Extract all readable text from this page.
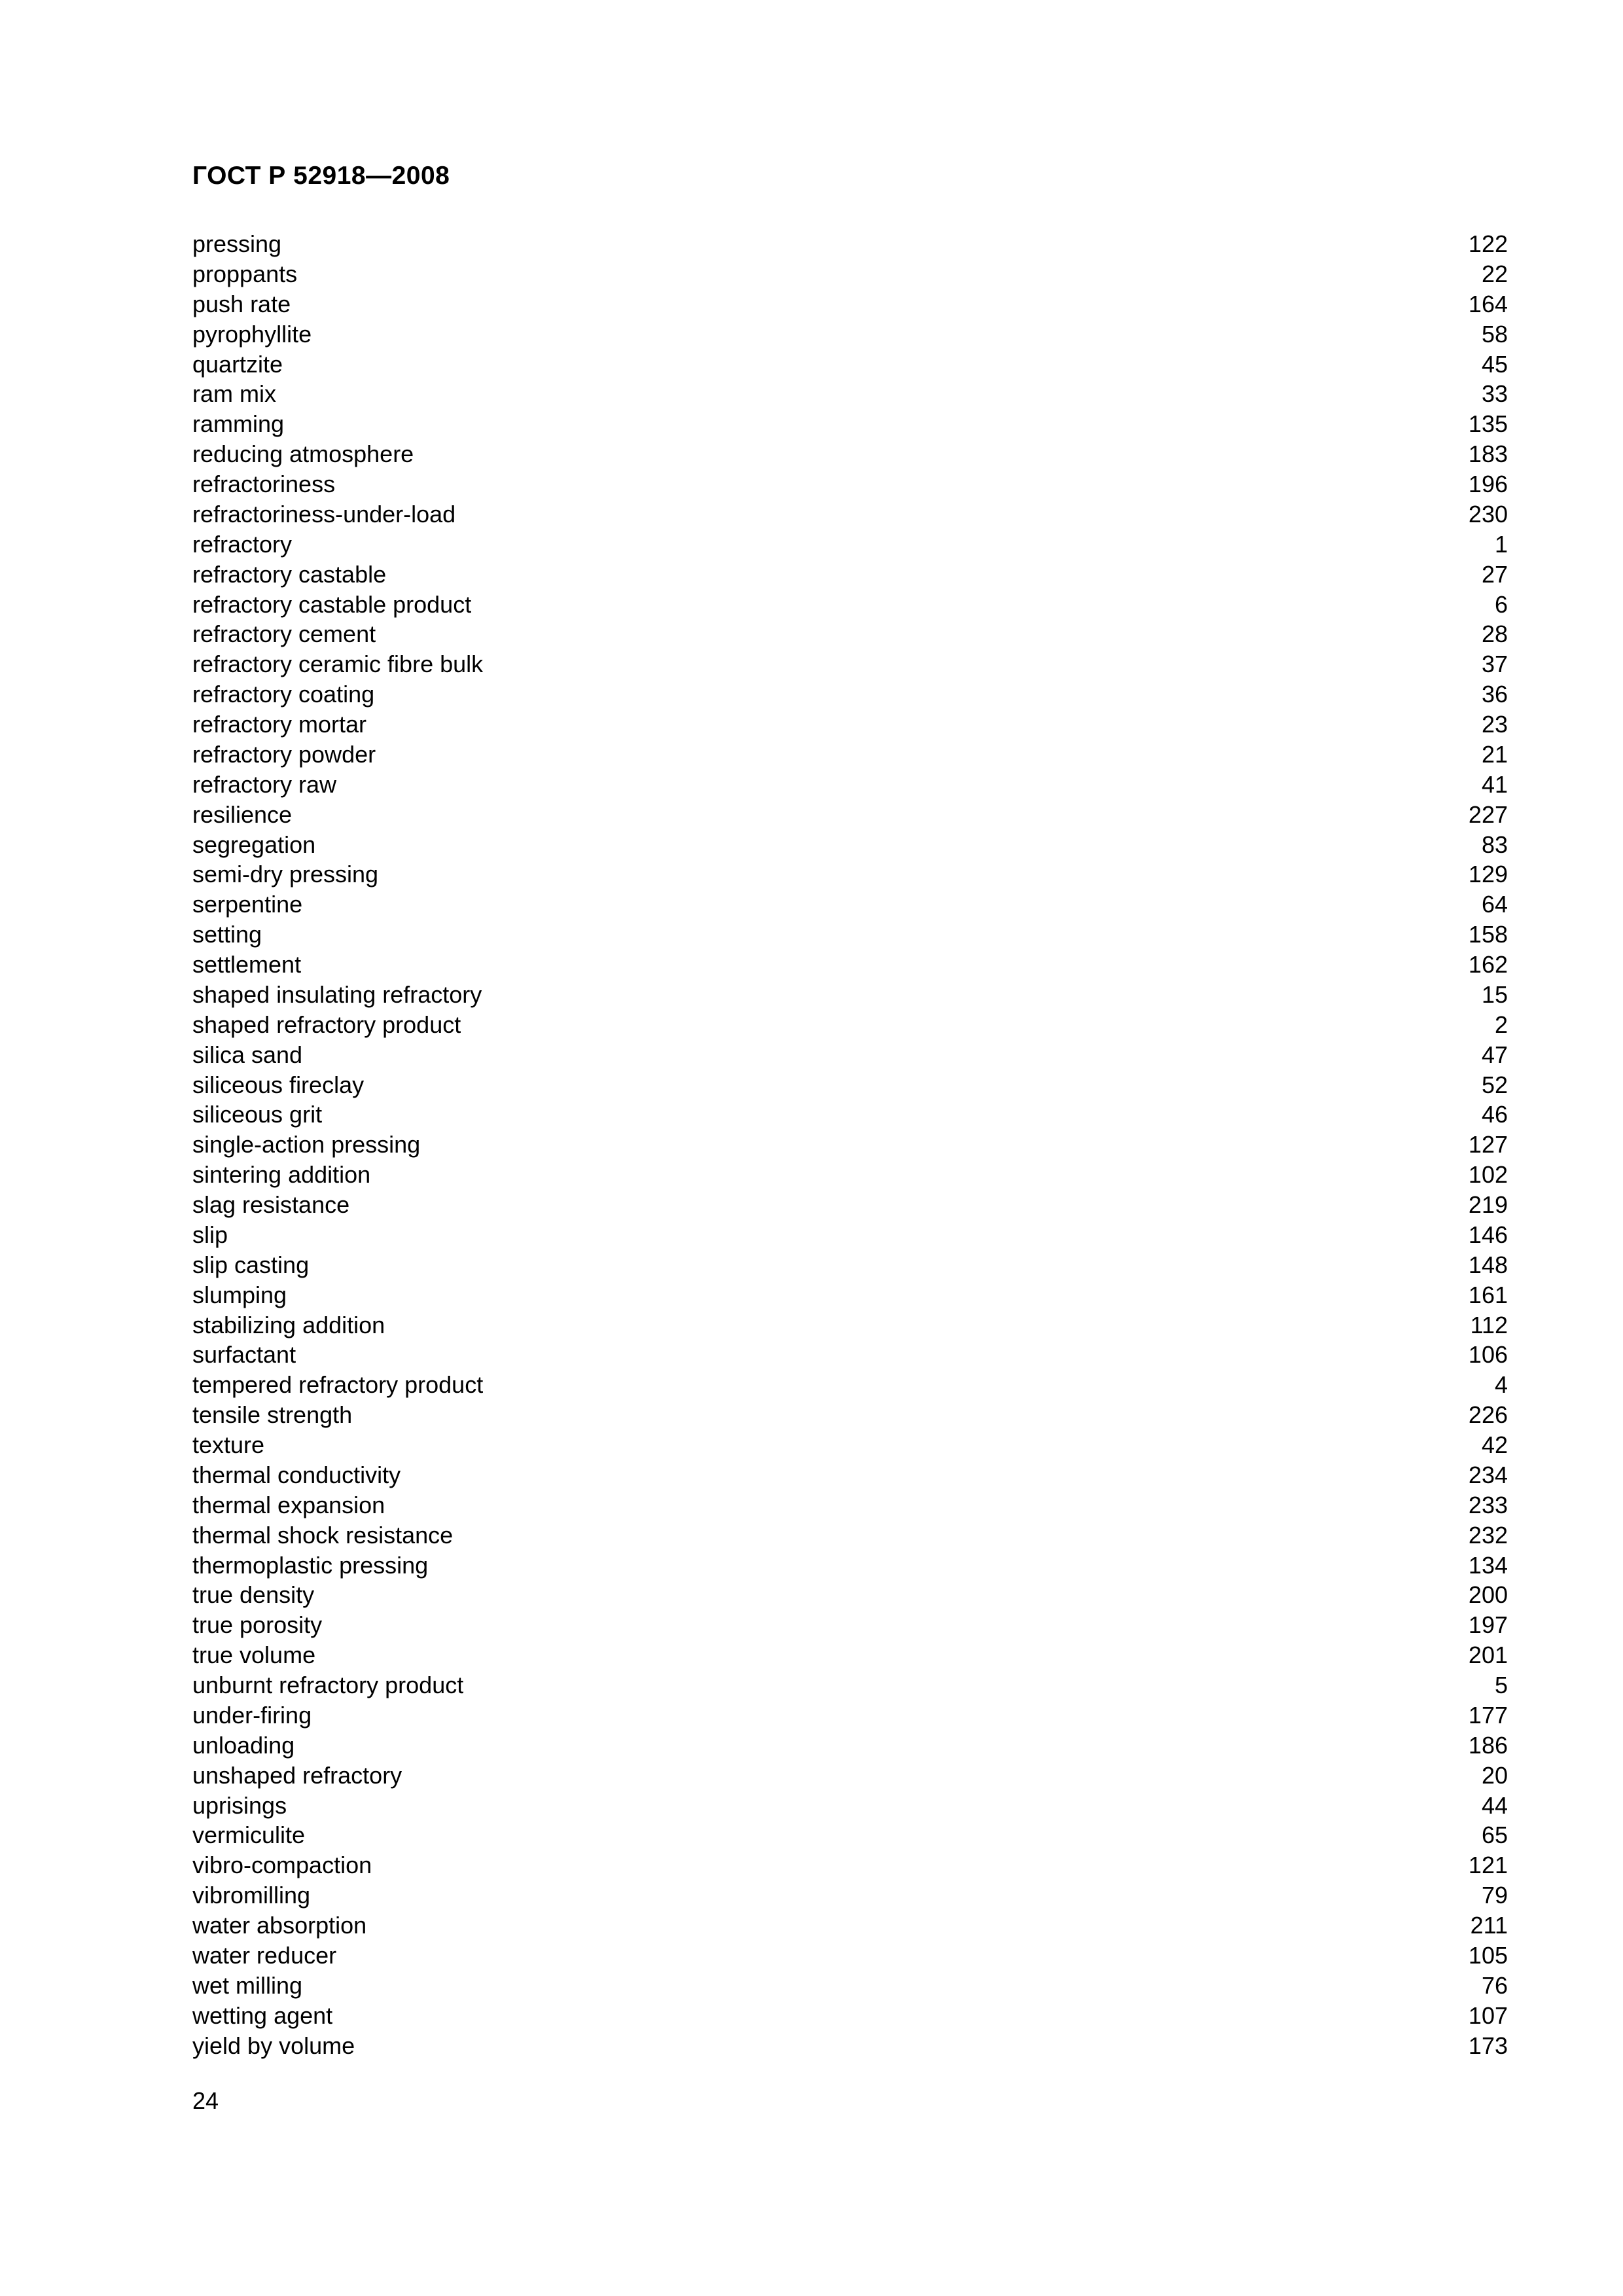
ГОСТ Р 52918—2008
pressing	122
proppants	22
push rate	164
pyrophyllite	58
quartzite	45
ram mix	33
ramming	135
reducing atmosphere	183
refractoriness	196
refractoriness-under-load	230
refractory	1
refractory castable	27
refractory castable product	6
refractory cement	28
refractory ceramic fibre bulk	37
refractory coating	36
refractory mortar	23
refractory powder	21
refractory raw	41
resilience	227
segregation	83
semi-dry pressing	129
serpentine	64
setting	158
settlement	162
shaped insulating refractory	15
shaped refractory product	2
silica sand	47
siliceous fireclay	52
siliceous grit	46
single-action pressing	127
sintering addition	102
slag resistance	219
slip	146
slip casting	148
slumping	161
stabilizing addition	112
surfactant	106
tempered refractory product	4
tensile strength	226
texture	42
thermal conductivity	234
thermal expansion	233
thermal shock resistance	232
thermoplastic pressing	134
true density	200
true porosity	197
true volume	201
unburnt refractory product	5
under-firing	177
unloading	186
unshaped refractory	20
uprisings	44
vermiculite	65
vibro-compaction	121
vibromilling	79
water absorption	211
water reducer	105
wet milling	76
wetting agent	107
yield by volume	173
24
